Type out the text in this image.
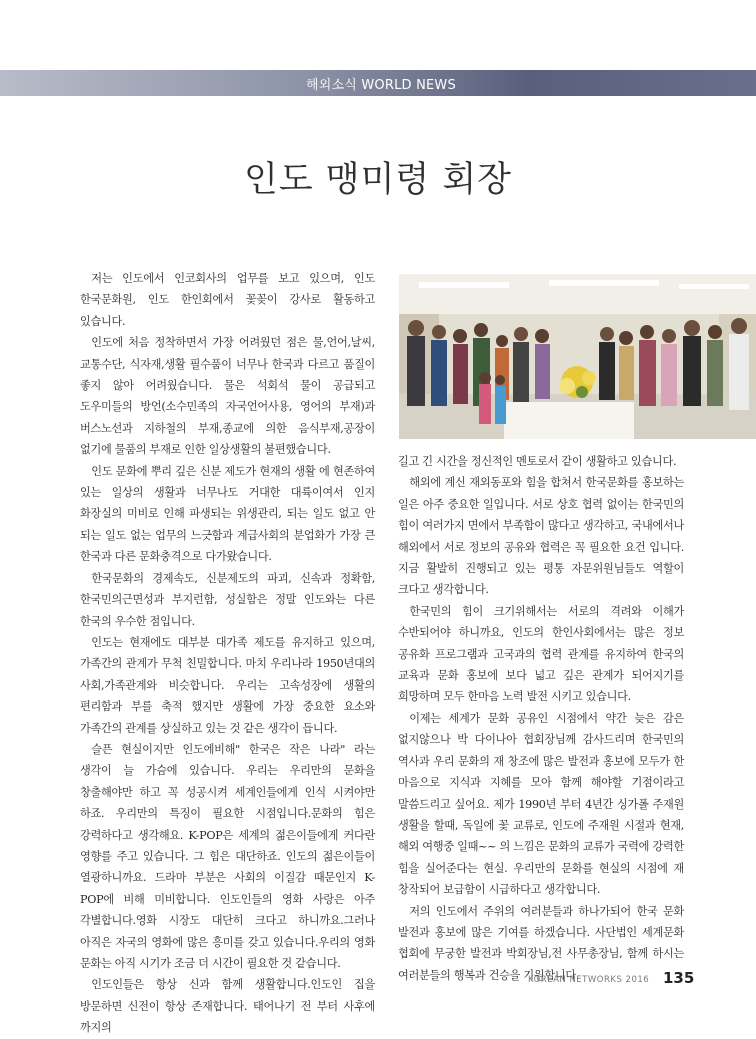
해외소식 WORLD NEWS
인도 맹미령 회장

저는 인도에서 인코회사의 업무를 보고 있으며, 인도 한국문화원, 인도 한인회에서 꽃꽂이 강사로 활동하고 있습니다.

인도에 처음 정착하면서 가장 어려웠던 점은 물,언어,날씨, 교통수단, 식자재,생활 필수품이 너무나 한국과 다르고 품질이 좋지 않아 어려웠습니다. 물은 석회석 물이 공급되고 도우미들의 방언(소수민족의 자국언어사용, 영어의 부재)과 버스노선과 지하철의 부재,종교에 의한 음식부재,공장이 없기에 물품의 부재로 인한 일상생활의 불편했습니다.

인도 문화에 뿌리 깊은 신분 제도가 현재의 생활 에 현존하여 있는 일상의 생활과 너무나도 거대한 대륙이여서 인지 화장실의 미비로 인해 파생되는 위생관리, 되는 일도 없고 안 되는 일도 없는 업무의 느긋함과 계급사회의 분업화가 가장 큰 한국과 다른 문화충격으로 다가왔습니다.

한국문화의 경제속도, 신분제도의 파괴, 신속과 정확함, 한국민의근면성과 부지런함, 성실함은 정말 인도와는 다른 한국의 우수한 점입니다.

인도는 현재에도 대부분 대가족 제도를 유지하고 있으며, 가족간의 관계가 무척 친밀합니다. 마치 우리나라 1950년대의 사회,가족관계와 비슷합니다. 우리는 고속성장에 생활의 편리함과 부를 축적 했지만 생활에 가장 중요한 요소와 가족간의 관계를 상실하고 있는 것 같은 생각이 듭니다.

슬픈 현실이지만 인도에비해" 한국은 작은 나라" 라는 생각이 늘 가슴에 있습니다. 우리는 우리만의 문화을 창출해야만 하고 꼭 성공시켜 세계인들에게 인식 시켜야만 하죠. 우리만의 특징이 필요한 시점입니다.문화의 힘은 강력하다고 생각해요. K-POP은 세계의 젊은이들에게 커다란 영향를 주고 있습니다. 그 힘은 대단하죠. 인도의 젊은이들이 열광하니까요. 드라마 부분은 사회의 이질감 때문인지 K-POP에 비해 미비합니다. 인도인들의 영화 사랑은 아주 각별합니다.영화 시장도 대단히 크다고 하니까요.그러나 아직은 자국의 영화에 많은 흥미를 갖고 있습니다.우리의 영화 문화는 아직 시기가 조금 더 시간이 필요한 것 같습니다.

인도인들은 항상 신과 함께 생활합니다.인도인 집을 방문하면 신전이 항상 존재합니다. 태어나기 전 부터 사후에 까지의

길고 긴 시간을 정신적인 멘토로서 같이 생활하고 있습니다.

해외에 계신 재외동포와 힘을 합쳐서 한국문화를 홍보하는 일은 아주 중요한 일입니다. 서로 상호 협력 없이는 한국민의 힘이 여러가지 면에서 부족함이 많다고 생각하고, 국내에서나 해외에서 서로 정보의 공유와 협력은 꼭 필요한 요건 입니다. 지금 활발히 진행되고 있는 평통 자문위원님들도 역할이 크다고 생각합니다.

한국민의 힘이 크기위해서는 서로의 격려와 이해가 수반되어야 하니까요, 인도의 한인사회에서는 많은 정보 공유화 프로그램과 고국과의 협력 관계를 유지하여 한국의 교육과 문화 홍보에 보다 넓고 깊은 관계가 되어지기를 희망하며 모두 한마음 노력 발전 시키고 있습니다.

이제는 세계가 문화 공유인 시점에서 약간 늦은 감은 없지않으나 박 다이나아 협회장님께 감사드리며 한국민의 역사과 우리 문화의 재 창조에 많은 발전과 홍보에 모두가 한 마음으로 지식과 지혜를 모아 함께 해야할 기점이라고 말씀드리고 싶어요. 제가 1990년 부터 4년간 싱가폴 주재원 생활을 할때, 독일에 꽃 교류로, 인도에 주재원 시절과 현재,해외 여행중 일때~~ 의 느낌은 문화의 교류가 국력에 강력한 힘을 실어준다는 현실. 우리만의 문화를 현실의 시점에 재 창작되어 보급함이 시급하다고 생각합니다.

저의 인도에서 주위의 여러분들과 하나가되어 한국 문화 발전과 홍보에 많은 기여를 하겠습니다. 사단법인 세계문화 협회에 무궁한 발전과 박회장님,전 사무총장님, 함께 하시는 여러분들의 행복과 건승을 기원합니다.

KOREAN NETWORKS 2016 135
